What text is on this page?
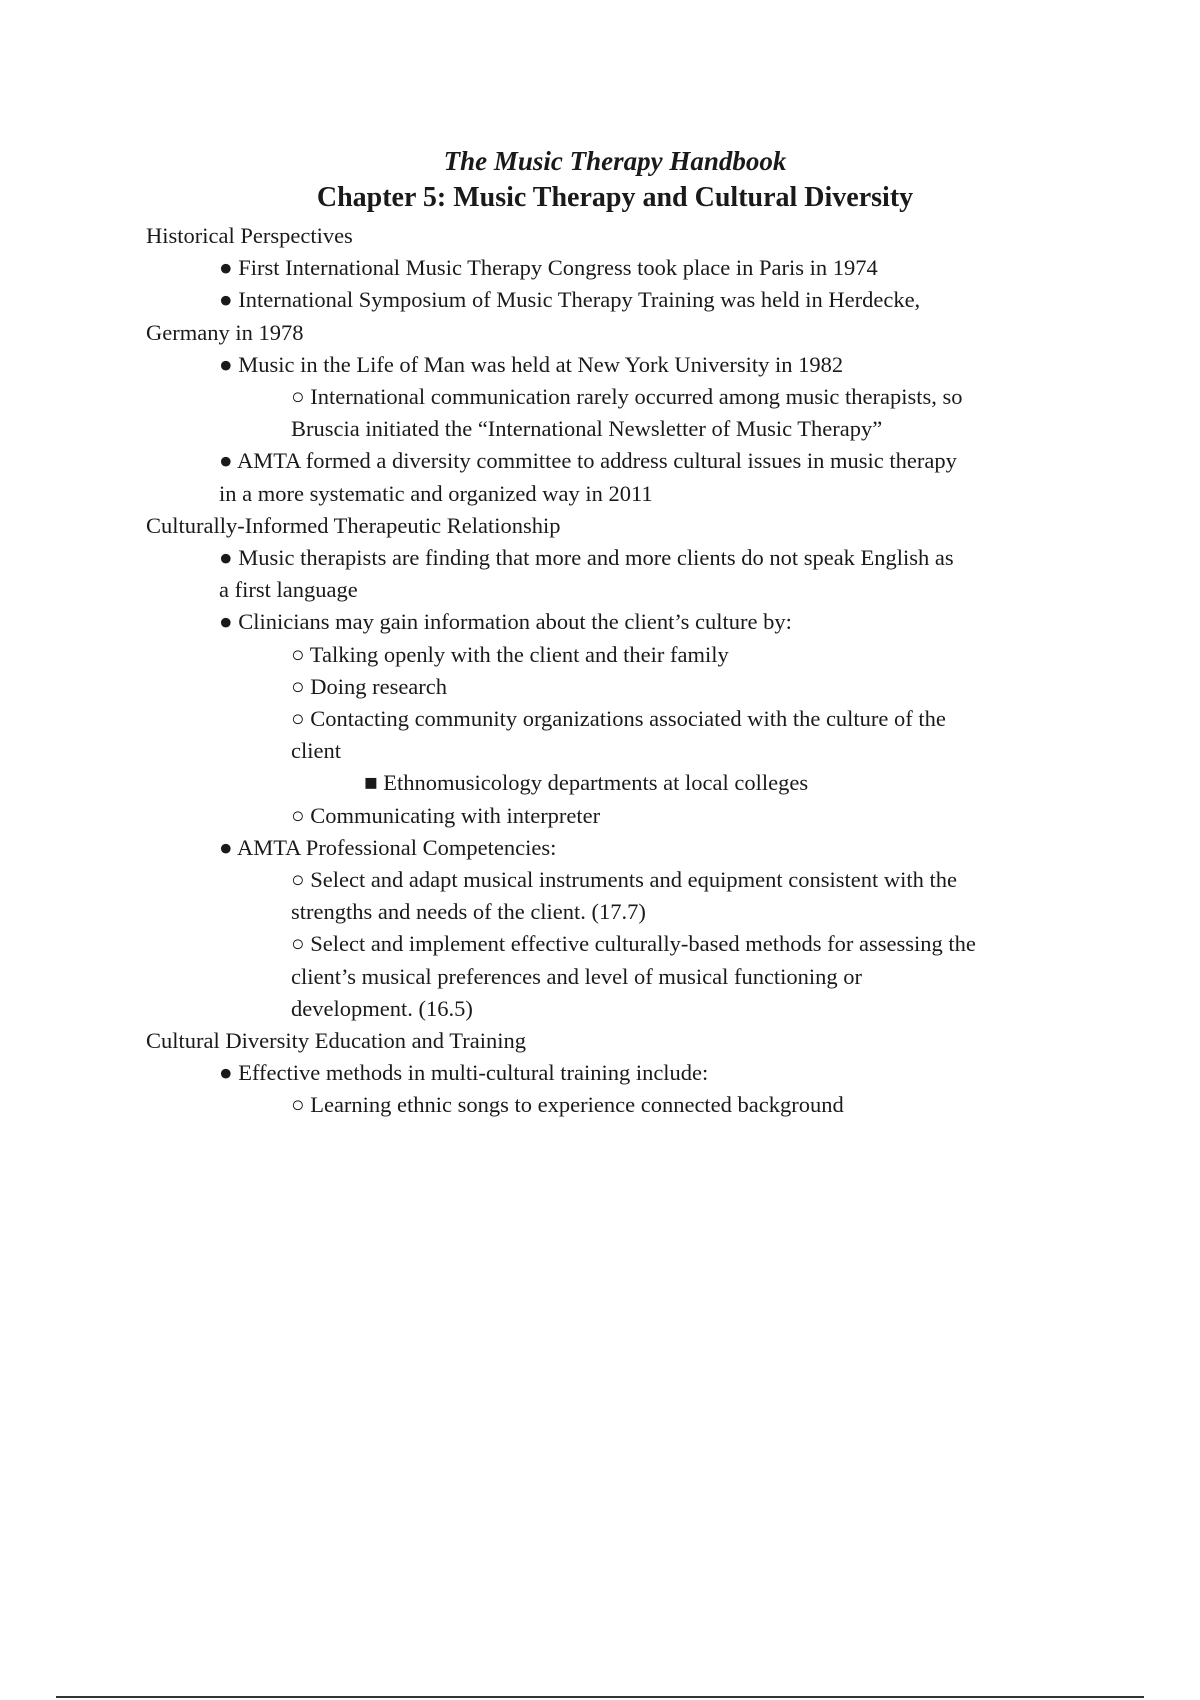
The Music Therapy Handbook
Chapter 5: Music Therapy and Cultural Diversity

Historical Perspectives

● First International Music Therapy Congress took place in Paris in 1974

● International Symposium of Music Therapy Training was held in Herdecke,

Germany in 1978

● Music in the Life of Man was held at New York University in 1982

○ International communication rarely occurred among music therapists, so

Bruscia initiated the “International Newsletter of Music Therapy”

● AMTA formed a diversity committee to address cultural issues in music therapy

in a more systematic and organized way in 2011

Culturally-Informed Therapeutic Relationship

● Music therapists are finding that more and more clients do not speak English as

a first language

● Clinicians may gain information about the client’s culture by:

○ Talking openly with the client and their family

○ Doing research

○ Contacting community organizations associated with the culture of the

client

■ Ethnomusicology departments at local colleges

○ Communicating with interpreter

● AMTA Professional Competencies:

○ Select and adapt musical instruments and equipment consistent with the

strengths and needs of the client. (17.7)

○ Select and implement effective culturally-based methods for assessing the

client’s musical preferences and level of musical functioning or

development. (16.5)

Cultural Diversity Education and Training

● Effective methods in multi-cultural training include:

○ Learning ethnic songs to experience connected background
